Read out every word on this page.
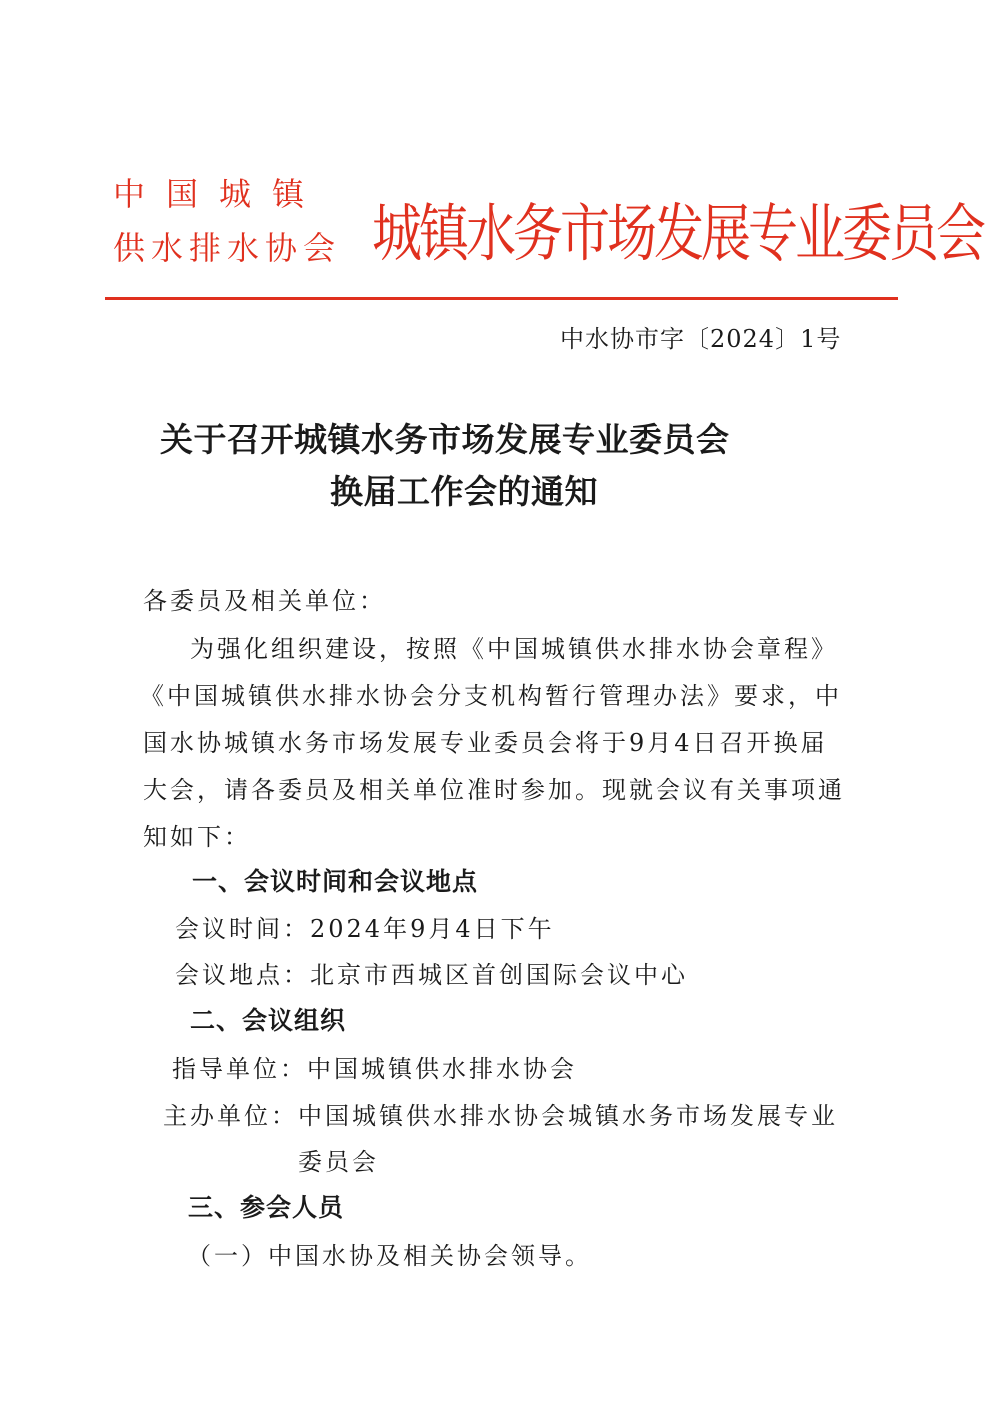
中国城镇
供水排水协会 城镇水务市场发展专业委员会
中水协市字〔2024〕1号
关于召开城镇水务市场发展专业委员会
换届工作会的通知
各委员及相关单位：
为强化组织建设，按照《中国城镇供水排水协会章程》
《中国城镇供水排水协会分支机构暂行管理办法》要求，中
国水协城镇水务市场发展专业委员会将于9月4日召开换届
大会，请各委员及相关单位准时参加。现就会议有关事项通
知如下：
一、会议时间和会议地点
会议时间：2024年9月4日下午
会议地点：北京市西城区首创国际会议中心
二、会议组织
指导单位：中国城镇供水排水协会
主办单位：中国城镇供水排水协会城镇水务市场发展专业
委员会
三、参会人员
（一）中国水协及相关协会领导。
